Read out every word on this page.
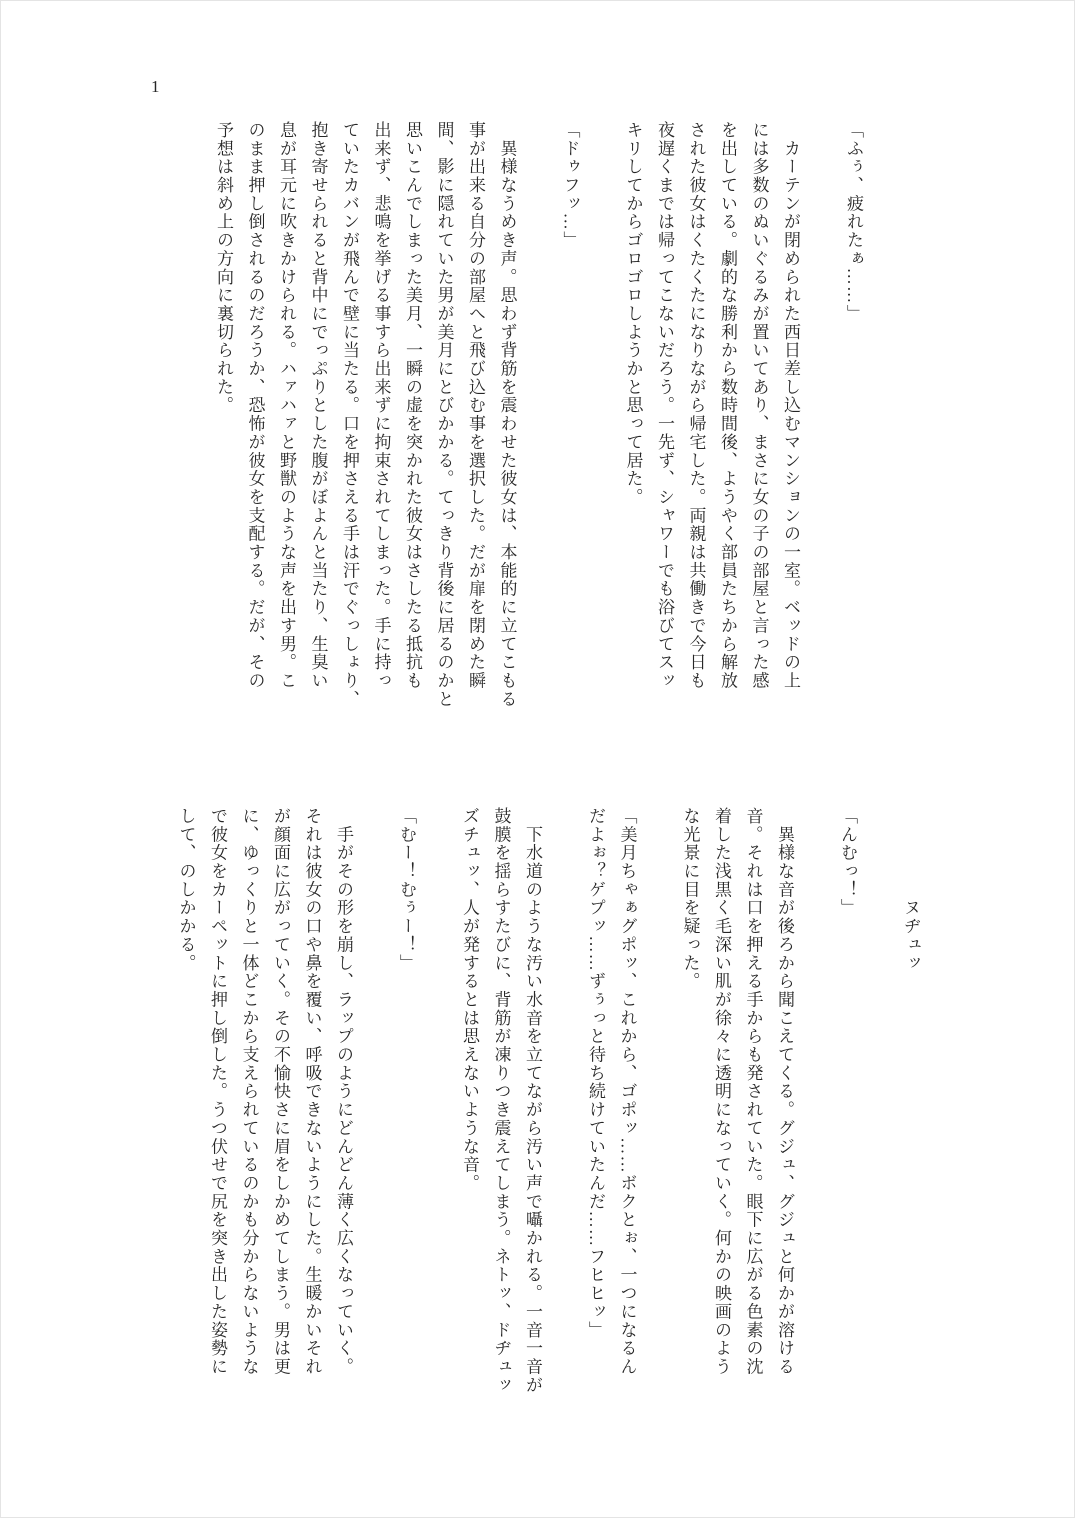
1
「ふぅ、疲れたぁ……」
　カーテンが閉められた西日差し込むマンションの一室。ベッドの上
には多数のぬいぐるみが置いてあり、まさに女の子の部屋と言った感
を出している。劇的な勝利から数時間後、ようやく部員たちから解放
された彼女はくたくたになりながら帰宅した。両親は共働きで今日も
夜遅くまでは帰ってこないだろう。一先ず、シャワーでも浴びてスッ
キリしてからゴロゴロしようかと思って居た。
「ドゥフッ…」
　異様なうめき声。思わず背筋を震わせた彼女は、本能的に立てこもる
事が出来る自分の部屋へと飛び込む事を選択した。だが扉を閉めた瞬
間、影に隠れていた男が美月にとびかかる。てっきり背後に居るのかと
思いこんでしまった美月、一瞬の虚を突かれた彼女はさしたる抵抗も
出来ず、悲鳴を挙げる事すら出来ずに拘束されてしまった。手に持っ
ていたカバンが飛んで壁に当たる。口を押さえる手は汗でぐっしょり、
抱き寄せられると背中にでっぷりとした腹がぼよんと当たり、生臭い
息が耳元に吹きかけられる。ハァハァと野獣のような声を出す男。こ
のまま押し倒されるのだろうか、恐怖が彼女を支配する。だが、その
予想は斜め上の方向に裏切られた。
　　　　　ヌヂュッ
「んむっ！」
　異様な音が後ろから聞こえてくる。グジュ、グジュと何かが溶ける
音。それは口を押える手からも発されていた。眼下に広がる色素の沈
着した浅黒く毛深い肌が徐々に透明になっていく。何かの映画のよう
な光景に目を疑った。
「美月ちゃぁグポッ、これから、ゴポッ……ボクとぉ、一つになるん
だよぉ？ゲプッ……ずぅっと待ち続けていたんだ……フヒヒッ」
　下水道のような汚い水音を立てながら汚い声で囁かれる。一音一音が
鼓膜を揺らすたびに、背筋が凍りつき震えてしまう。ネトッ、ドヂュッ
ズチュッ、人が発するとは思えないような音。
「むー！むぅー！」
　手がその形を崩し、ラップのようにどんどん薄く広くなっていく。
それは彼女の口や鼻を覆い、呼吸できないようにした。生暖かいそれ
が顔面に広がっていく。その不愉快さに眉をしかめてしまう。男は更
に、ゆっくりと一体どこから支えられているのかも分からないような
で彼女をカーペットに押し倒した。うつ伏せで尻を突き出した姿勢に
して、のしかかる。
